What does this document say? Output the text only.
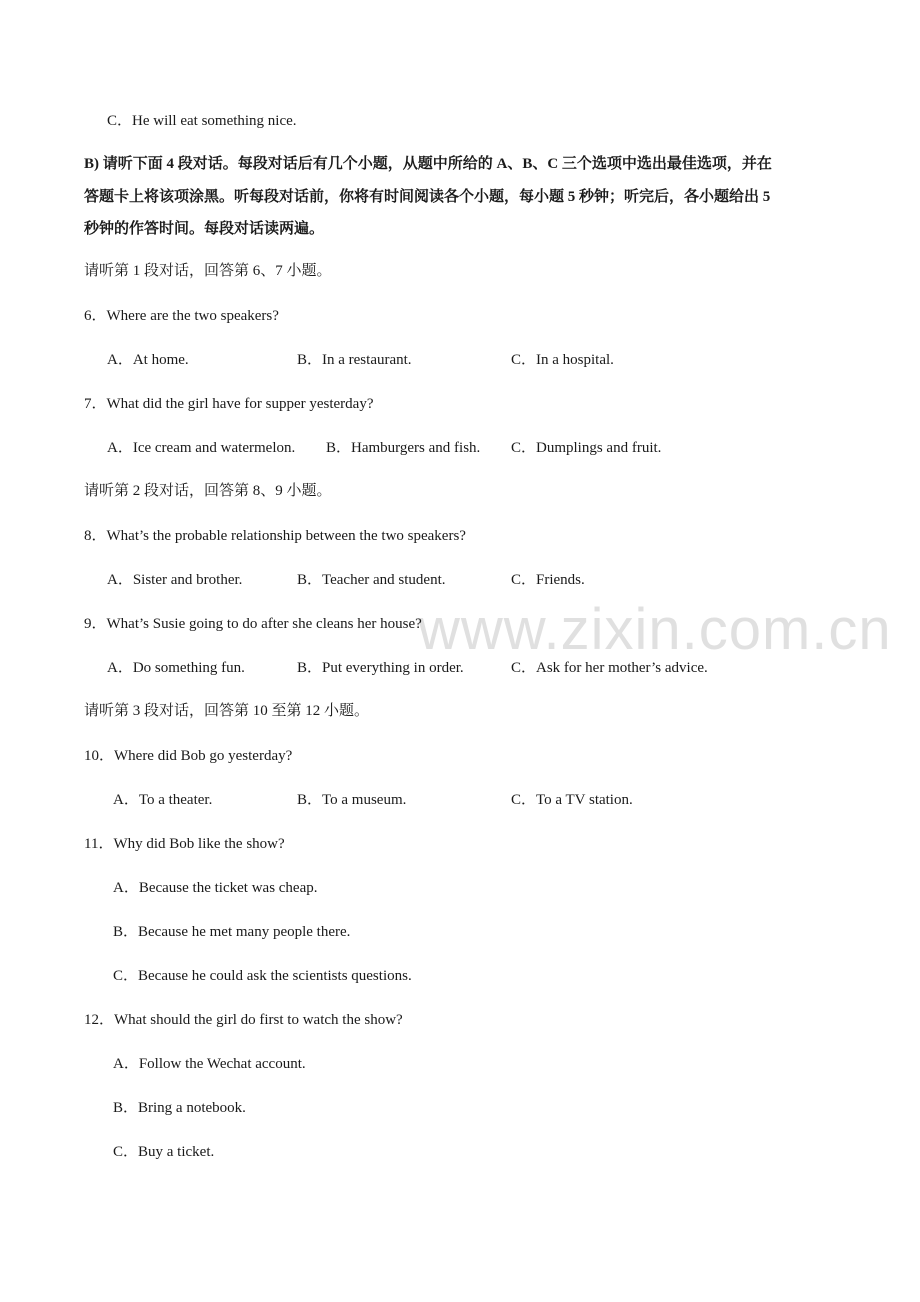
www.zixin.com.cn
C．He will eat something nice.
B) 请听下面 4 段对话。每段对话后有几个小题，从题中所给的 A、B、C 三个选项中选出最佳选项，并在
答题卡上将该项涂黑。听每段对话前，你将有时间阅读各个小题，每小题 5 秒钟；听完后，各小题给出 5
秒钟的作答时间。每段对话读两遍。
请听第 1 段对话，回答第 6、7 小题。
6．Where are the two speakers?
A．At home.	B．In a restaurant.	C．In a hospital.
7．What did the girl have for supper yesterday?
A．Ice cream and watermelon. B．Hamburgers and fish. C．Dumplings and fruit.
请听第 2 段对话，回答第 8、9 小题。
8．What’s the probable relationship between the two speakers?
A．Sister and brother.	B．Teacher and student.	C．Friends.
9．What’s Susie going to do after she cleans her house?
A．Do something fun.	B．Put everything in order.	C．Ask for her mother’s advice.
请听第 3 段对话，回答第 10 至第 12 小题。
10．Where did Bob go yesterday?
A．To a theater.	B．To a museum.	C．To a TV station.
11．Why did Bob like the show?
A．Because the ticket was cheap.
B．Because he met many people there.
C．Because he could ask the scientists questions.
12．What should the girl do first to watch the show?
A．Follow the Wechat account.
B．Bring a notebook.
C．Buy a ticket.
